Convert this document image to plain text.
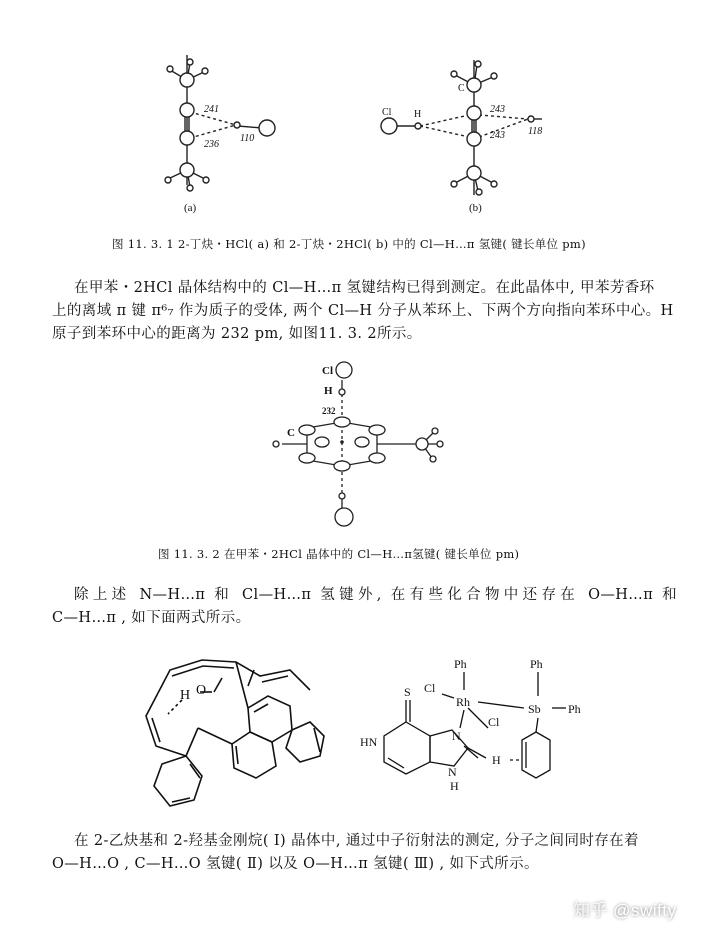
241
236
110
C
Cl H	243
243 118
(a)	(b)
图 11. 3. 1 2-丁炔・HCl( a) 和 2-丁炔・2HCl( b) 中的 Cl—H…π 氢键( 键长单位 pm)
在甲苯・2HCl 晶体结构中的 Cl—H…π 氢键结构已得到测定。在此晶体中, 甲苯芳香环
上的离域 π 键 π⁶₇ 作为质子的受体, 两个 Cl—H 分子从苯环上、下两个方向指向苯环中心。H
原子到苯环中心的距离为 232 pm, 如图11. 3. 2所示。
Cl
H
232
C
图 11. 3. 2 在甲苯・2HCl 晶体中的 Cl—H…π氢键( 键长单位 pm)
除上述 N—H…π 和 Cl—H…π 氢键外, 在有些化合物中还存在 O—H…π 和
C—H…π , 如下面两式所示。
H O
Ph
Cl
Rh
Cl
Ph
Sb Ph
S
HN	N
N
H
H
在 2-乙炔基和 2-羟基金刚烷( Ⅰ) 晶体中, 通过中子衍射法的测定, 分子之间同时存在着
O—H…O , C—H…O 氢键( Ⅱ) 以及 O—H…π 氢键( Ⅲ) , 如下式所示。
知乎 @swifty
